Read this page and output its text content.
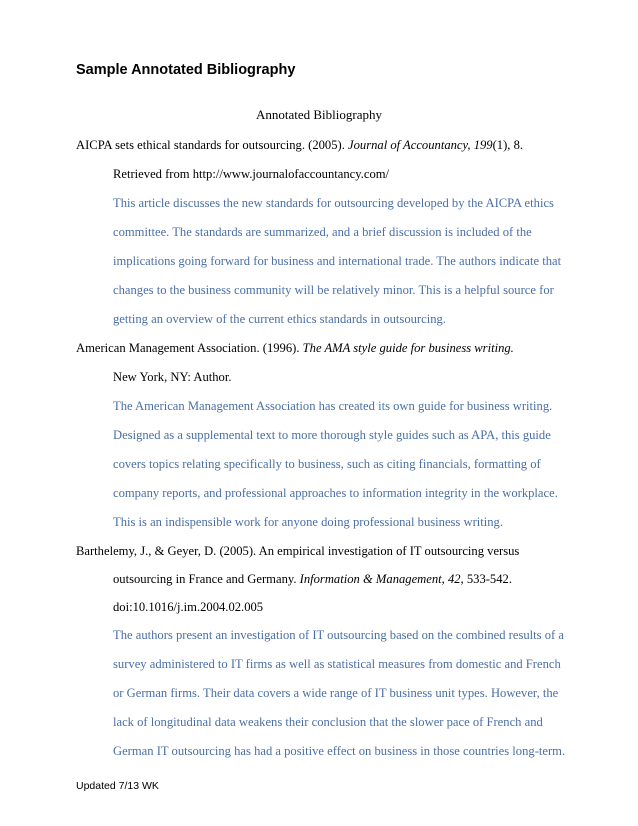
Sample Annotated Bibliography
Annotated Bibliography
AICPA sets ethical standards for outsourcing. (2005). Journal of Accountancy, 199(1), 8.
Retrieved from http://www.journalofaccountancy.com/
This article discusses the new standards for outsourcing developed by the AICPA ethics
committee. The standards are summarized, and a brief discussion is included of the
implications going forward for business and international trade. The authors indicate that
changes to the business community will be relatively minor. This is a helpful source for
getting an overview of the current ethics standards in outsourcing.
American Management Association. (1996). The AMA style guide for business writing.
New York, NY: Author.
The American Management Association has created its own guide for business writing.
Designed as a supplemental text to more thorough style guides such as APA, this guide
covers topics relating specifically to business, such as citing financials, formatting of
company reports, and professional approaches to information integrity in the workplace.
This is an indispensible work for anyone doing professional business writing.
Barthelemy, J., & Geyer, D. (2005). An empirical investigation of IT outsourcing versus
outsourcing in France and Germany. Information & Management, 42, 533-542.
doi:10.1016/j.im.2004.02.005
The authors present an investigation of IT outsourcing based on the combined results of a
survey administered to IT firms as well as statistical measures from domestic and French
or German firms. Their data covers a wide range of IT business unit types. However, the
lack of longitudinal data weakens their conclusion that the slower pace of French and
German IT outsourcing has had a positive effect on business in those countries long-term.
Updated 7/13 WK
